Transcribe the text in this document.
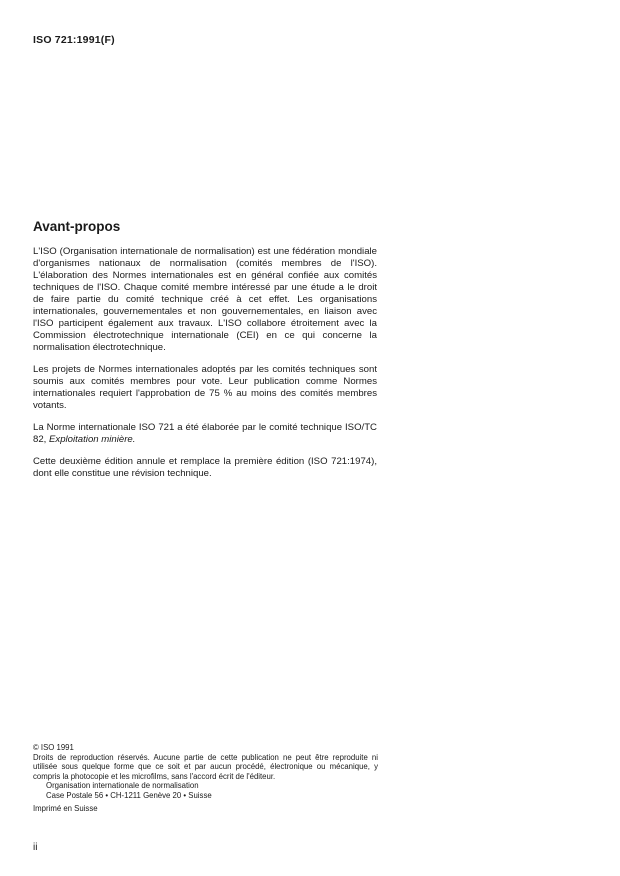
ISO 721:1991(F)
Avant-propos

L'ISO (Organisation internationale de normalisation) est une fédération mondiale d'organismes nationaux de normalisation (comités membres de l'ISO). L'élaboration des Normes internationales est en général confiée aux comités techniques de l'ISO. Chaque comité membre intéressé par une étude a le droit de faire partie du comité technique créé à cet effet. Les organisations internationales, gouvernementales et non gouvernementales, en liaison avec l'ISO participent également aux travaux. L'ISO collabore étroitement avec la Commission électrotechnique internationale (CEI) en ce qui concerne la normalisation électrotechnique.

Les projets de Normes internationales adoptés par les comités techniques sont soumis aux comités membres pour vote. Leur publication comme Normes internationales requiert l'approbation de 75 % au moins des comités membres votants.

La Norme internationale ISO 721 a été élaborée par le comité technique ISO/TC 82, Exploitation minière.

Cette deuxième édition annule et remplace la première édition (ISO 721:1974), dont elle constitue une révision technique.

© ISO 1991
Droits de reproduction réservés. Aucune partie de cette publication ne peut être reproduite ni utilisée sous quelque forme que ce soit et par aucun procédé, électronique ou mécanique, y compris la photocopie et les microfilms, sans l'accord écrit de l'éditeur.
Organisation internationale de normalisation
Case Postale 56 • CH-1211 Genève 20 • Suisse
Imprimé en Suisse
ii
